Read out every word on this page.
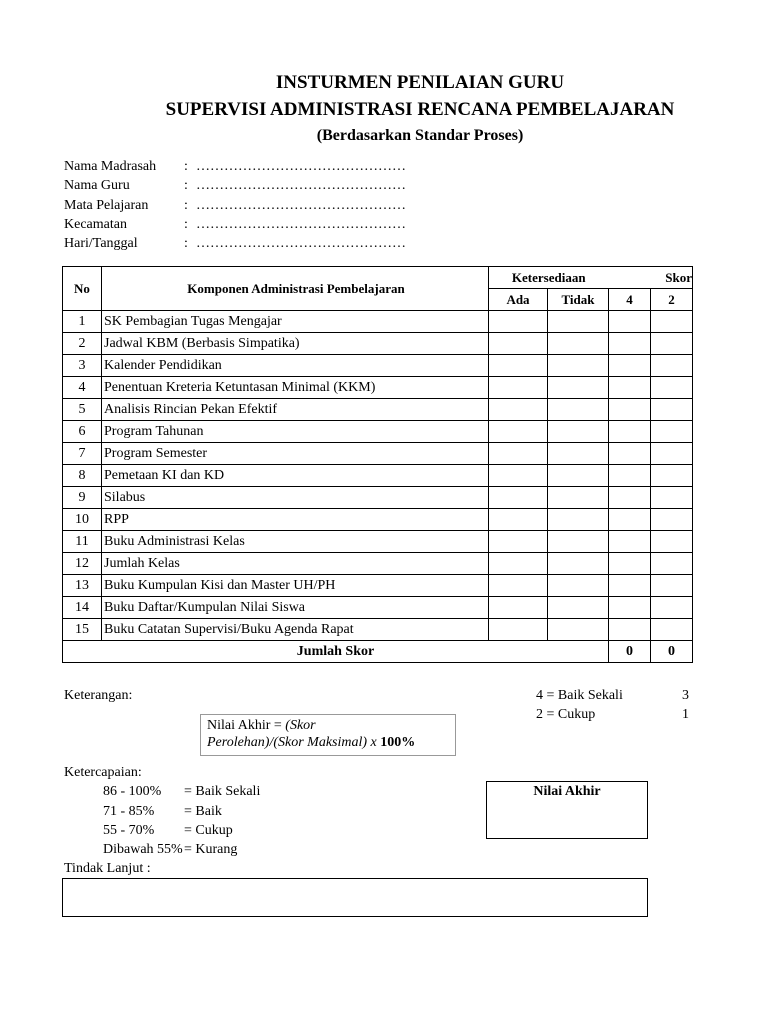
INSTURMEN PENILAIAN GURU
SUPERVISI ADMINISTRASI RENCANA PEMBELAJARAN
(Berdasarkan Standar Proses)
Nama Madrasah : ………………………………………
Nama Guru	: ………………………………………
Mata Pelajaran	: ………………………………………
Kecamatan	: ………………………………………
Hari/Tanggal	: ………………………………………
No	Komponen Administrasi Pembelajaran	Ketersediaan		Skor	
		Ada	Tidak	4	2
1	SK Pembagian Tugas Mengajar				
2	Jadwal KBM (Berbasis Simpatika)				
3	Kalender Pendidikan				
4	Penentuan Kreteria Ketuntasan Minimal (KKM)				
5	Analisis Rincian Pekan Efektif				
6	Program Tahunan				
7	Program Semester				
8	Pemetaan KI dan KD				
9	Silabus				
10	RPP				
11	Buku Administrasi Kelas				
12	Jumlah Kelas				
13	Buku Kumpulan Kisi dan Master UH/PH				
14	Buku Daftar/Kumpulan Nilai Siswa				
15	Buku Catatan Supervisi/Buku Agenda Rapat				
Jumlah Skor				0	0
Keterangan:	4 = Baik Sekali	3
2 = Cukup	1
Nilai Akhir = (Skor
Perolehan)/(Skor Maksimal) x 100%
Ketercapaian:
86 - 100% = Baik Sekali
71 - 85% = Baik
55 - 70% = Cukup
Dibawah 55% = Kurang
Nilai Akhir
Tindak Lanjut :
